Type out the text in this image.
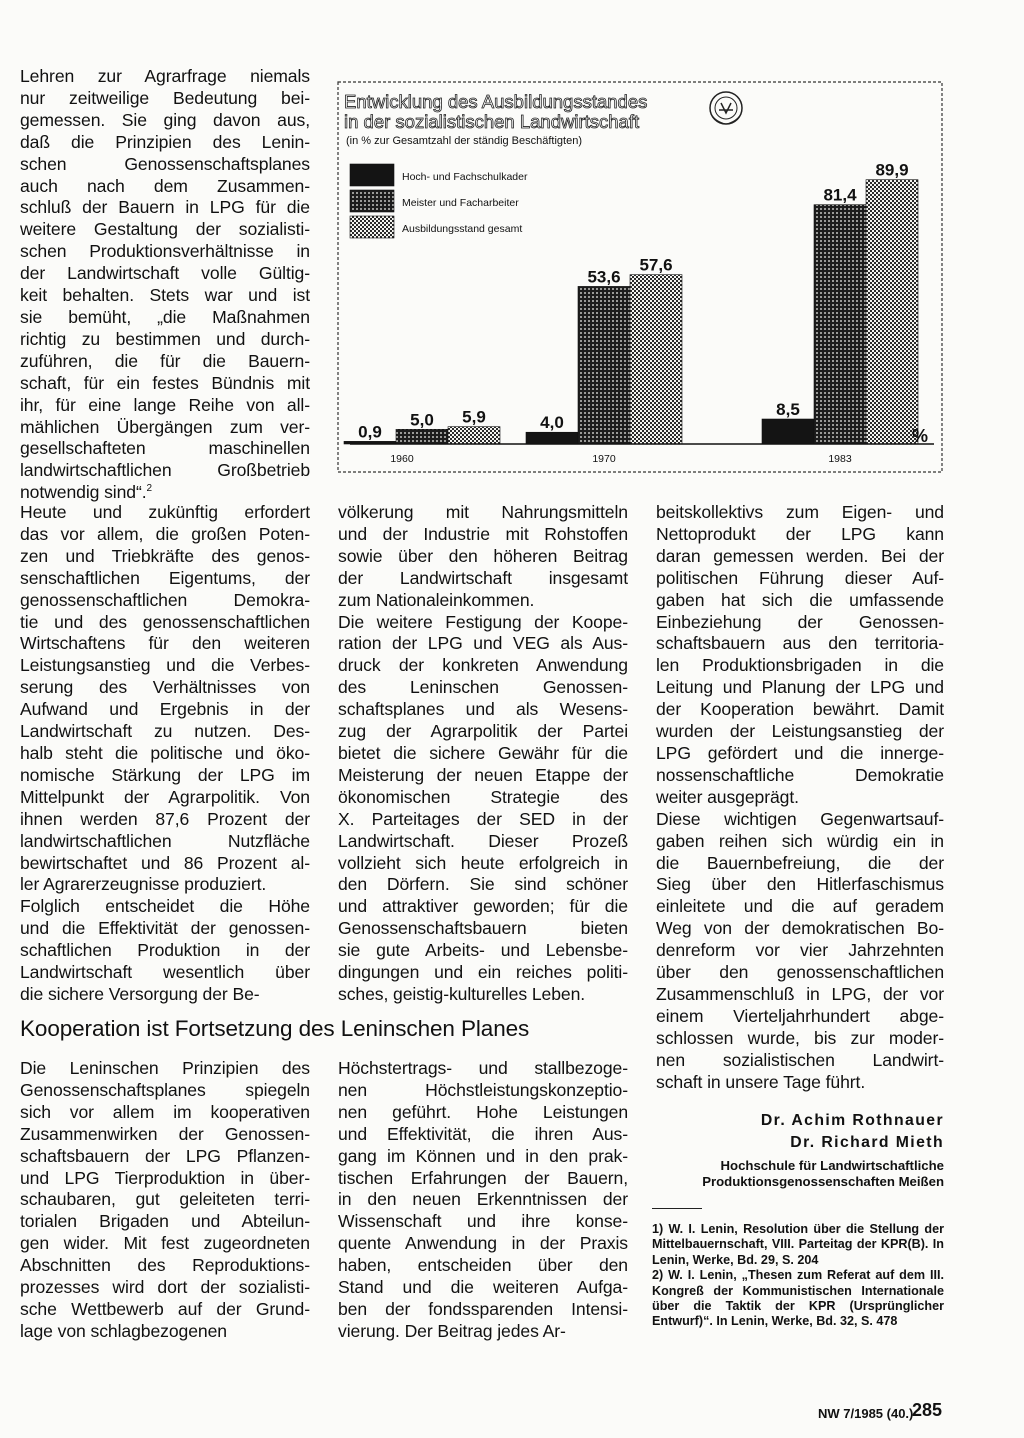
Lehren zur Agrarfrage niemals
nur zeitweilige Bedeutung bei-
gemessen. Sie ging davon aus,
daß die Prinzipien des Lenin-
schen Genossenschaftsplanes
auch nach dem Zusammen-
schluß der Bauern in LPG für die
weitere Gestaltung der sozialisti-
schen Produktionsverhältnisse in
der Landwirtschaft volle Gültig-
keit behalten. Stets war und ist
sie bemüht, „die Maßnahmen
richtig zu bestimmen und durch-
zuführen, die für die Bauern-
schaft, für ein festes Bündnis mit
ihr, für eine lange Reihe von all-
mählichen Übergängen zum ver-
gesellschafteten maschinellen
landwirtschaftlichen Großbetrieb
notwendig sind“.$^2$
Heute und zukünftig erfordert
das vor allem, die großen Poten-
zen und Triebkräfte des genos-
senschaftlichen Eigentums, der
genossenschaftlichen Demokra-
tie und des genossenschaftlichen
Wirtschaftens für den weiteren
Leistungsanstieg und die Verbes-
serung des Verhältnisses von
Aufwand und Ergebnis in der
Landwirtschaft zu nutzen. Des-
halb steht die politische und öko-
nomische Stärkung der LPG im
Mittelpunkt der Agrarpolitik. Von
ihnen werden 87,6 Prozent der
landwirtschaftlichen Nutzfläche
bewirtschaftet und 86 Prozent al-
ler Agrarerzeugnisse produziert.
Folglich entscheidet die Höhe
und die Effektivität der genossen-
schaftlichen Produktion in der
Landwirtschaft wesentlich über
die sichere Versorgung der Be-
völkerung mit Nahrungsmitteln
und der Industrie mit Rohstoffen
sowie über den höheren Beitrag
der Landwirtschaft insgesamt
zum Nationaleinkommen.
Die weitere Festigung der Koope-
ration der LPG und VEG als Aus-
druck der konkreten Anwendung
des Leninschen Genossen-
schaftsplanes und als Wesens-
zug der Agrarpolitik der Partei
bietet die sichere Gewähr für die
Meisterung der neuen Etappe der
ökonomischen Strategie des
X. Parteitages der SED in der
Landwirtschaft. Dieser Prozeß
vollzieht sich heute erfolgreich in
den Dörfern. Sie sind schöner
und attraktiver geworden; für die
Genossenschaftsbauern bieten
sie gute Arbeits- und Lebensbe-
dingungen und ein reiches politi-
sches, geistig-kulturelles Leben.
beitskollektivs zum Eigen- und
Nettoprodukt der LPG kann
daran gemessen werden. Bei der
politischen Führung dieser Auf-
gaben hat sich die umfassende
Einbeziehung der Genossen-
schaftsbauern aus den territoria-
len Produktionsbrigaden in die
Leitung und Planung der LPG und
der Kooperation bewährt. Damit
wurden der Leistungsanstieg der
LPG gefördert und die innerge-
nossenschaftliche Demokratie
weiter ausgeprägt.
Diese wichtigen Gegenwartsauf-
gaben reihen sich würdig ein in
die Bauernbefreiung, die der
Sieg über den Hitlerfaschismus
einleitete und die auf geradem
Weg von der demokratischen Bo-
denreform vor vier Jahrzehnten
über den genossenschaftlichen
Zusammenschluß in LPG, der vor
einem Vierteljahrhundert abge-
schlossen wurde, bis zur moder-
nen sozialistischen Landwirt-
schaft in unsere Tage führt.
Entwicklung des Ausbildungsstandes
in der sozialistischen Landwirtschaft
(in % zur Gesamtzahl der ständig Beschäftigten)
Hoch- und Fachschulkader
Meister und Facharbeiter
Ausbildungsstand gesamt
0,9
5,0 5,9	4,0
53,6
57,6
8,5
81,4
89,9
1960	1970	1983
%
Kooperation ist Fortsetzung des Leninschen Planes
Die Leninschen Prinzipien des
Genossenschaftsplanes spiegeln
sich vor allem im kooperativen
Zusammenwirken der Genossen-
schaftsbauern der LPG Pflanzen-
und LPG Tierproduktion in über-
schaubaren, gut geleiteten terri-
torialen Brigaden und Abteilun-
gen wider. Mit fest zugeordneten
Abschnitten des Reproduktions-
prozesses wird dort der sozialisti-
sche Wettbewerb auf der Grund-
lage von schlagbezogenen
Höchstertrags- und stallbezoge-
nen Höchstleistungskonzeptio-
nen geführt. Hohe Leistungen
und Effektivität, die ihren Aus-
gang im Können und in den prak-
tischen Erfahrungen der Bauern,
in den neuen Erkenntnissen der
Wissenschaft und ihre konse-
quente Anwendung in der Praxis
haben, entscheiden über den
Stand und die weiteren Aufga-
ben der fondssparenden Intensi-
vierung. Der Beitrag jedes Ar-
Dr. Achim Rothnauer
Dr. Richard Mieth
Hochschule für Landwirtschaftliche
Produktionsgenossenschaften Meißen

1) W. I. Lenin, Resolution über die Stellung der Mittelbauernschaft, VIII. Parteitag der KPR(B). In Lenin, Werke, Bd. 29, S. 204

2) W. I. Lenin, „Thesen zum Referat auf dem III. Kongreß der Kommunistischen Internationale über die Taktik der KPR (Ursprünglicher Entwurf)“. In Lenin, Werke, Bd. 32, S. 478

NW 7/1985 (40.)
285
